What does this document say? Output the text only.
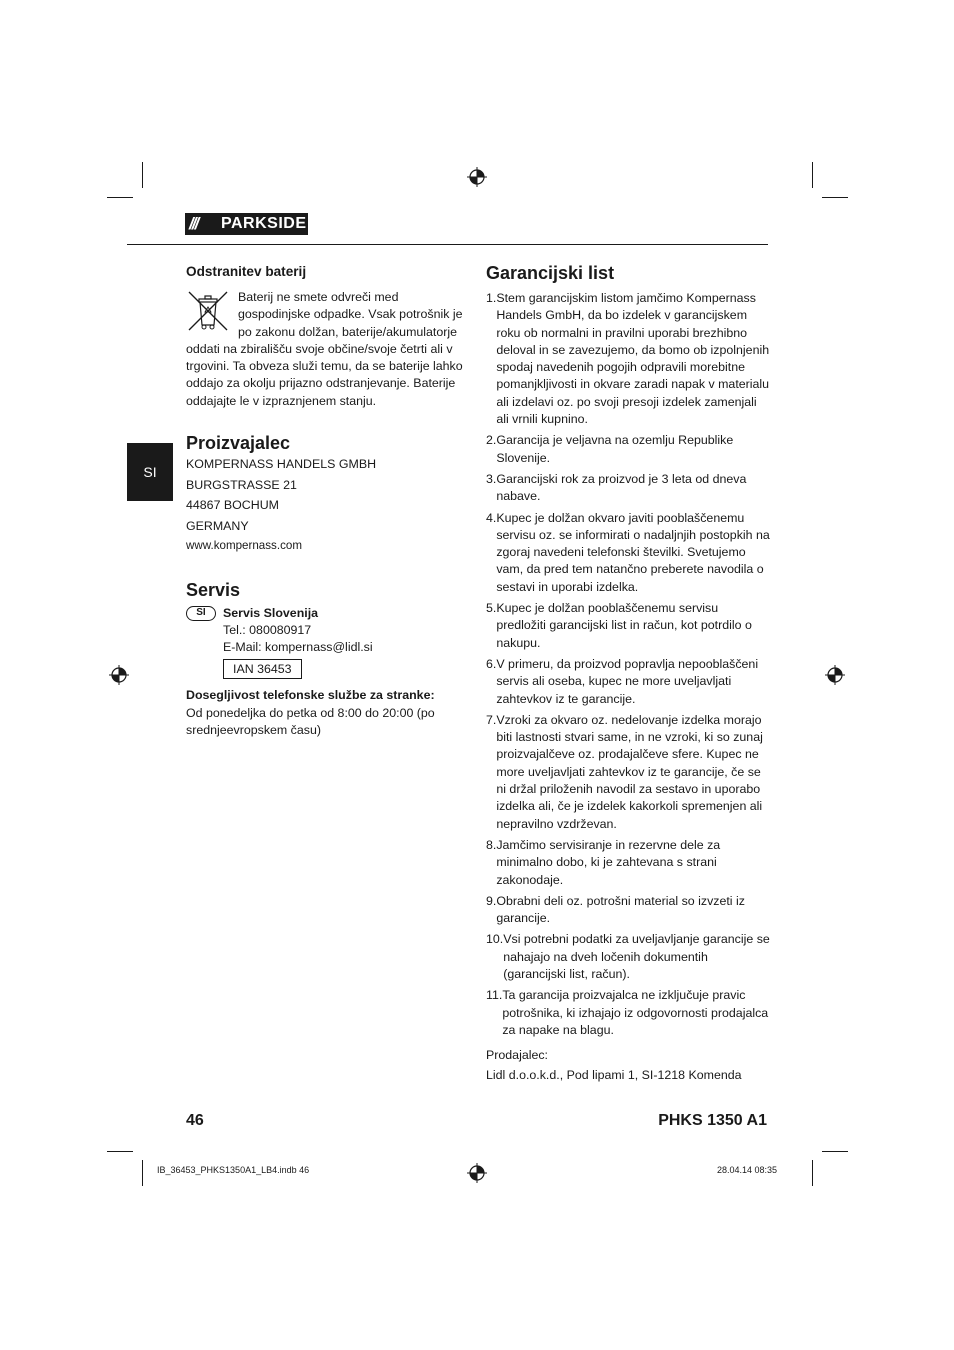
///	PARKSIDE
SI
Odstranitev baterij

Baterij ne smete odvreči med gospodinjske odpadke. Vsak potrošnik je po zakonu dolžan, baterije/akumulatorje oddati na zbirališču svoje občine/svoje četrti ali v trgovini. Ta obveza služi temu, da se baterije lahko oddajo za okolju prijazno odstranjevanje. Baterije oddajajte le v izpraznjenem stanju.

Proizvajalec

KOMPERNASS HANDELS GMBH

BURGSTRASSE 21

44867 BOCHUM

GERMANY

www.kompernass.com

Servis
SI	Servis Slovenija

Tel.: 080080917

E-Mail: kompernass@lidl.si

IAN 36453

Dosegljivost telefonske službe za stranke:

Od ponedeljka do petka od 8:00 do 20:00 (po srednjeevropskem času)

Garancijski list
1. Stem garancijskim listom jamčimo Kompernass Handels GmbH, da bo izdelek v garancijskem roku ob normalni in pravilni uporabi brezhibno deloval in se zavezujemo, da bomo ob izpolnjenih spodaj navedenih pogojih odpravili morebitne pomanjkljivosti in okvare zaradi napak v materialu ali izdelavi oz. po svoji presoji izdelek zamenjali ali vrnili kupnino.
2. Garancija je veljavna na ozemlju Republike Slovenije.
3. Garancijski rok za proizvod je 3 leta od dneva nabave.
4. Kupec je dolžan okvaro javiti pooblaščenemu servisu oz. se informirati o nadaljnjih postopkih na zgoraj navedeni telefonski številki. Svetujemo vam, da pred tem natančno preberete navodila o sestavi in uporabi izdelka.
5. Kupec je dolžan pooblaščenemu servisu predložiti garancijski list in račun, kot potrdilo o nakupu.
6. V primeru, da proizvod popravlja nepooblaščeni servis ali oseba, kupec ne more uveljavljati zahtevkov iz te garancije.
7. Vzroki za okvaro oz. nedelovanje izdelka morajo biti lastnosti stvari same, in ne vzroki, ki so zunaj proizvajalčeve oz. prodajalčeve sfere. Kupec ne more uveljavljati zahtevkov iz te garancije, če se ni držal priloženih navodil za sestavo in uporabo izdelka ali, če je izdelek kakorkoli spremenjen ali nepravilno vzdrževan.
8. Jamčimo servisiranje in rezervne dele za minimalno dobo, ki je zahtevana s strani zakonodaje.
9. Obrabni deli oz. potrošni material so izvzeti iz garancije.
10. Vsi potrebni podatki za uveljavljanje garancije se nahajajo na dveh ločenih dokumentih (garancijski list, račun).
11. Ta garancija proizvajalca ne izključuje pravic potrošnika, ki izhajajo iz odgovornosti prodajalca za napake na blagu.

Prodajalec:

Lidl d.o.o.k.d., Pod lipami 1, SI-1218 Komenda

46	PHKS 1350 A1
IB_36453_PHKS1350A1_LB4.indb 46	28.04.14 08:35
